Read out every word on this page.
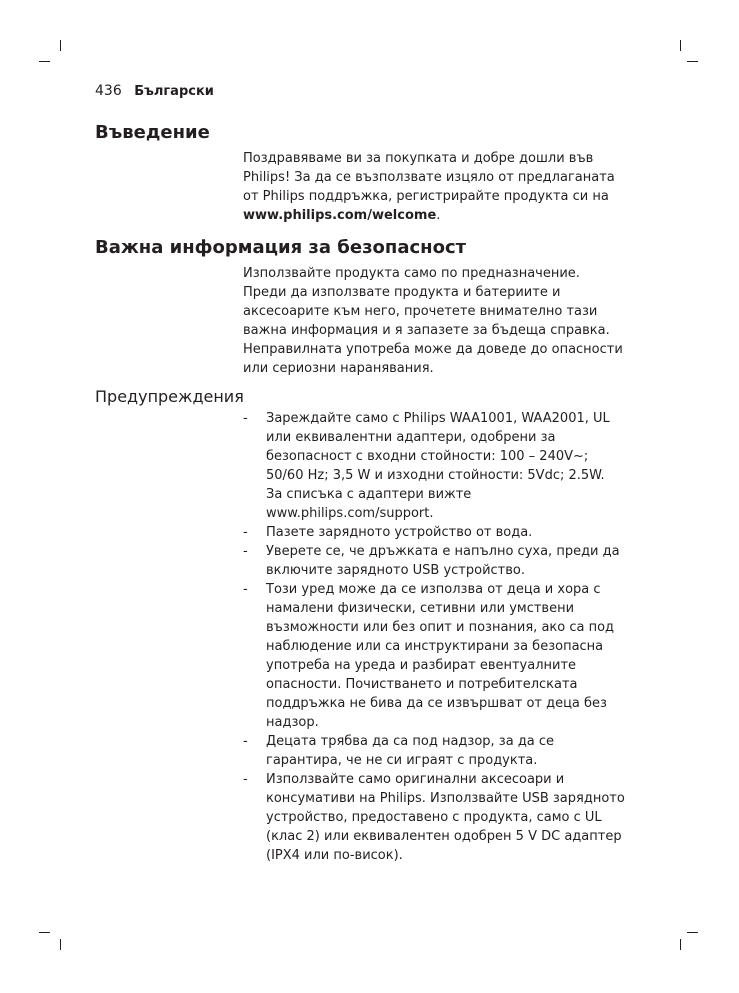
436 Български
Въведение

Поздравяваме ви за покупката и добре дошли във
Philips! За да се възползвате изцяло от предлаганата
от Philips поддръжка, регистрирайте продукта си на
www.philips.com/welcome.

Важна информация за безопасност

Използвайте продукта само по предназначение.
Преди да използвате продукта и батериите и
аксесоарите към него, прочетете внимателно тази
важна информация и я запазете за бъдеща справка.
Неправилната употреба може да доведе до опасности
или сериозни наранявания.

Предупреждения
- Зареждайте само с Philips WAA1001, WAA2001, UL
или еквивалентни адаптери, одобрени за
безопасност с входни стойности: 100 – 240V~;
50/60 Hz; 3,5 W и изходни стойности: 5Vdc; 2.5W.
За списъка с адаптери вижте
www.philips.com/support.
- Пазете зарядното устройство от вода.
- Уверете се, че дръжката е напълно суха, преди да
включите зарядното USB устройство.
- Този уред може да се използва от деца и хора с
намалени физически, сетивни или умствени
възможности или без опит и познания, ако са под
наблюдение или са инструктирани за безопасна
употреба на уреда и разбират евентуалните
опасности. Почистването и потребителската
поддръжка не бива да се извършват от деца без
надзор.
- Децата трябва да са под надзор, за да се
гарантира, че не си играят с продукта.
- Използвайте само оригинални аксесоари и
консумативи на Philips. Използвайте USB зарядното
устройство, предоставено с продукта, само с UL
(клас 2) или еквивалентен одобрен 5 V DC адаптер
(IPX4 или по-висок).
